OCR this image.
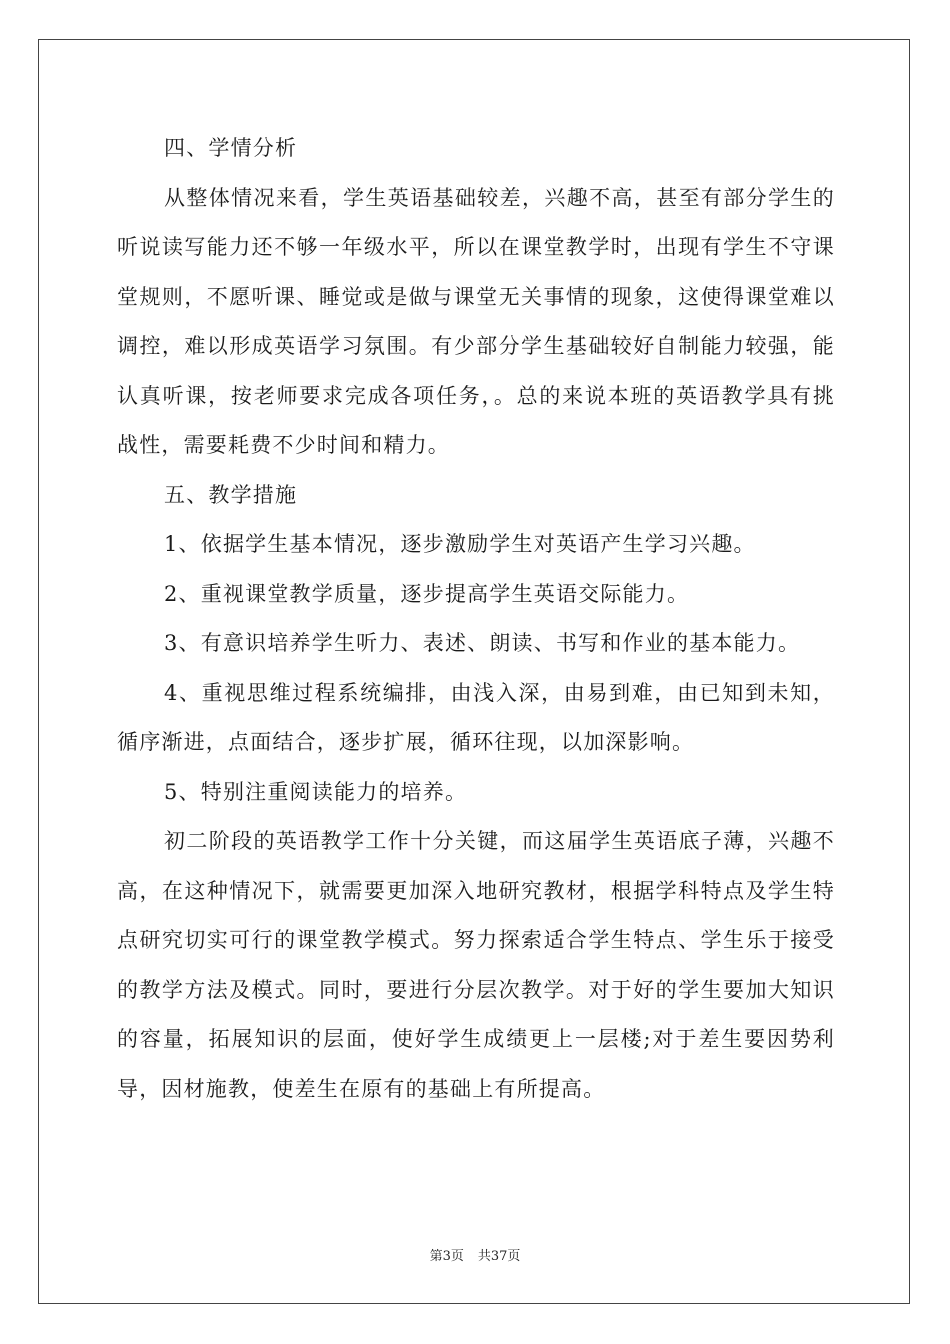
四、学情分析

从整体情况来看，学生英语基础较差，兴趣不高，甚至有部分学生的听说读写能力还不够一年级水平，所以在课堂教学时，出现有学生不守课堂规则，不愿听课、睡觉或是做与课堂无关事情的现象，这使得课堂难以调控，难以形成英语学习氛围。有少部分学生基础较好自制能力较强，能认真听课，按老师要求完成各项任务，。总的来说本班的英语教学具有挑战性，需要耗费不少时间和精力。

五、教学措施

1、依据学生基本情况，逐步激励学生对英语产生学习兴趣。

2、重视课堂教学质量，逐步提高学生英语交际能力。

3、有意识培养学生听力、表述、朗读、书写和作业的基本能力。

4、重视思维过程系统编排，由浅入深，由易到难，由已知到未知，循序渐进，点面结合，逐步扩展，循环往现，以加深影响。

5、特别注重阅读能力的培养。

初二阶段的英语教学工作十分关键，而这届学生英语底子薄，兴趣不高，在这种情况下，就需要更加深入地研究教材，根据学科特点及学生特点研究切实可行的课堂教学模式。努力探索适合学生特点、学生乐于接受的教学方法及模式。同时，要进行分层次教学。对于好的学生要加大知识的容量，拓展知识的层面，使好学生成绩更上一层楼;对于差生要因势利导，因材施教，使差生在原有的基础上有所提高。

第3页 共37页
